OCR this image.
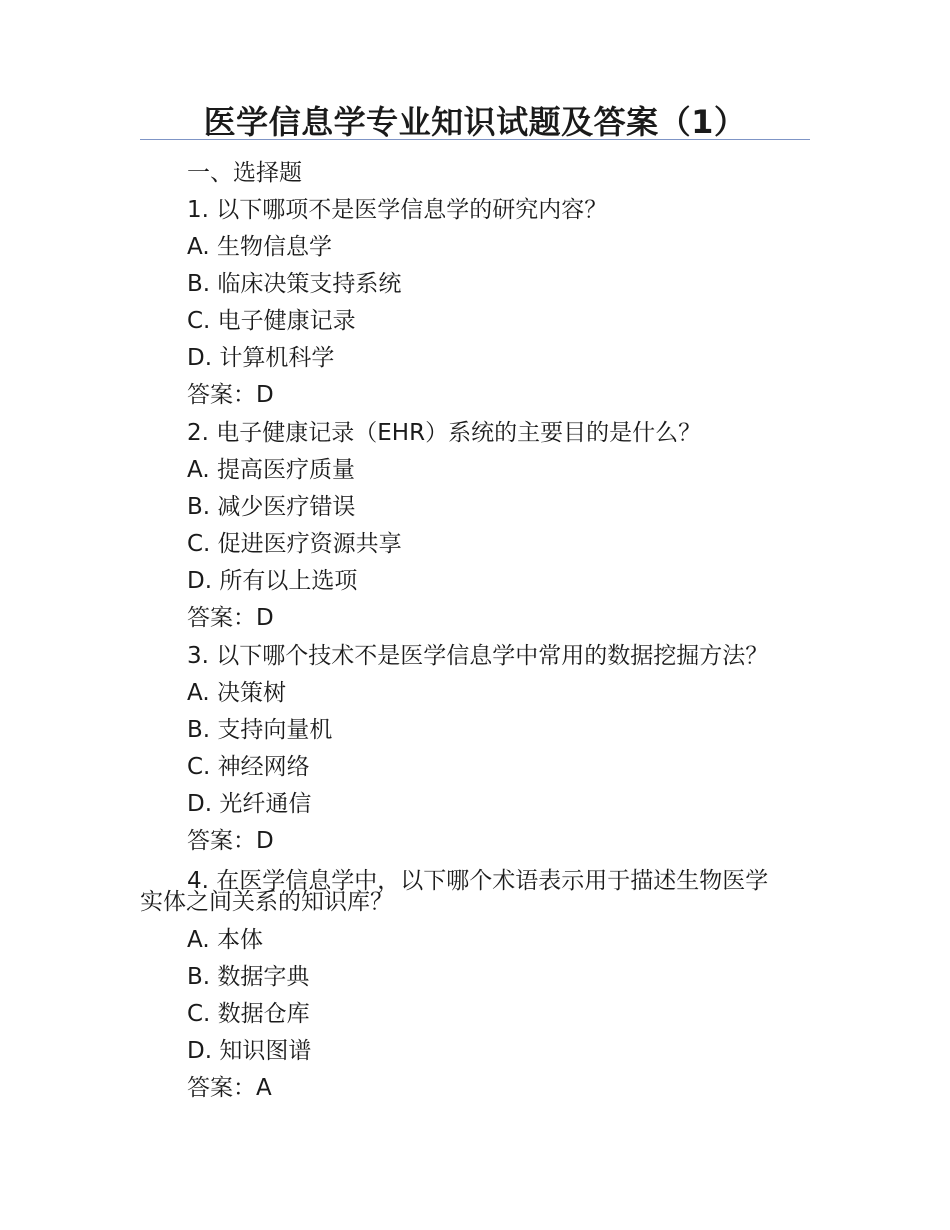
医学信息学专业知识试题及答案（1）
一、选择题
1. 以下哪项不是医学信息学的研究内容？
A. 生物信息学
B. 临床决策支持系统
C. 电子健康记录
D. 计算机科学
答案：D
2. 电子健康记录（EHR）系统的主要目的是什么？
A. 提高医疗质量
B. 减少医疗错误
C. 促进医疗资源共享
D. 所有以上选项
答案：D
3. 以下哪个技术不是医学信息学中常用的数据挖掘方法？
A. 决策树
B. 支持向量机
C. 神经网络
D. 光纤通信
答案：D
4. 在医学信息学中，以下哪个术语表示用于描述生物医学
实体之间关系的知识库？
A. 本体
B. 数据字典
C. 数据仓库
D. 知识图谱
答案：A
